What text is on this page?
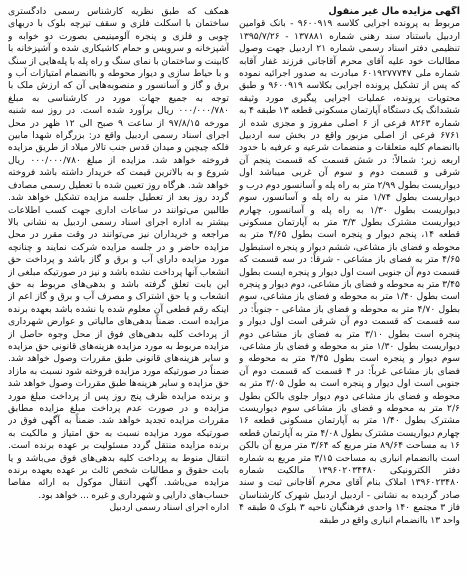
آگهی مزایده مال غیر منقول

مربوط به پرونده اجرایی کلاسه ۹۶۰۰۹۱۹ - بانک قوامین اردبیل باستناد سند رهنی شماره ۱۳۷۸۸۱ - ۱۳۹۵/۷/۲۶ تنظیمی دفتر اسناد رسمی شماره ۲۱ اردبیل جهت وصول مطالبات خود علیه آقای محرم آقاجانی فرزند غفار آقابه شماره ملی ۶۰۱۹۲۷۷۷۴۷ مبادرت به صدور اجرائیه نموده که پس از تشکیل پرونده اجرایی بکلاسه ۹۶۰۰۹۱۹ و طبق محتویات پرونده، عملیات اجرایی پیگیری مورد وثیقه ششدانگ یک دستگاه آپارتمان مسکونی قطعه ۱۳ طبقه ۴ به شماره ۸۲۶۳ فرعی از ۶ اصلی مفروز و مجزی شده از ۶۷۶۱ فرعی از اصلی مزبور واقع در بخش سه اردبیل باانضمام کلیه متعلقات و منضمات شرعیه و عرفیه با حدود اربعه زیر: شمالاً: در شش قسمت که قسمت پنجم آن شرقی و قسمت دوم و سوم آن غربی میباشد اول دیواریست بطول ۲/۹۹ متر به راه پله و آسانسور دوم درب و دیواریست بطول ۱/۷۴ متر به راه پله و آسانسور، سوم دیواریست بطول ۱/۳۰ به راه پله و آسانسور، چهارم دیواریست مشترک بطول ۳/۳ متر به آپارتمان مسکونی قطعه ۱۴، پنجم دیوار و پنجره است بطول ۴/۶۵ متر به محوطه و فضای باز مشاعی، ششم دیوار و پنجره استبطول ۴/۶۵ متر به فضای باز مشاعی - شرقاً: در سه قسمت که قسمت دوم آن جنوبی است اول دیوار و پنجره ایست بطول ۳/۴۵ متر به محوطه و فضای باز مشاعی، دوم دیوار و پنجره است بطول ۱/۴۰ متر به محوطه و فضای باز مشاعی، سوم بطول ۴/۷۰ متر به محوطه و فضای باز مشاعی - جنوباً: در سه قسمت که قسمت دوم آن شرقی است اول دیوار و پنجره است بطول ۳/۱۰ متر به فضای باز مشاعی دوم دیواریست بطول ۱/۳۰ متر به محوطه و فضای باز مشاعی، سوم دیوار و پنجره است بطول ۴/۴۵ متر به محوطه و فضای باز مشاعی غرباً: در ۴ قسمت که قسمت دوم آن جنوبی است اول دیوار و پنجره است به طول ۳/۰۵ متر به محوطه و فضای باز مشاعی دوم دیوار جلوی بالکن بطول ۲/۶ متر به محوطه و فضای باز مشاعی سوم دیواریست مشترک بطول ۱/۴۰ متر به آپارتمان مسکونی قطعه ۱۶ چهارم دیواریست مشترک بطول ۴/۰۸ متر به آپارتمان قطعه ۱۶ به مساحت ۸۹/۶۴ متر مربع که ۳/۶۴ متر مربع آن بالکن است باانضمام انباری به مساحت ۳/۱۵ متر مربع به شماره دفتر الکترونیکی ۱۳۹۶۰۲۰۳۴۴۸۰ مالکیت شماره ۱۳۹۶۰۲۳۴۸۰ املاک بنام آقای محرم آقاجانی ثبت و سند صادر گردیده به نشانی - اردبیل اردبیل شهرک کارشناسان فاز ۳ مجتمع ۱۴۰ واحدی فرهنگیان ناحیه ۳ بلوک ۵ طبقه ۴ واحد ۱۳ باانضمام انباری واقع در طبقه

همکف که طبق نظریه کارشناس رسمی دادگستری ساختمان با اسکلت فلزی و سقف تیرچه بلوک با دربهای چوبی و فلزی و پنجره آلومینیمی بصورت دو خوابه و آشپزخانه و سرویس و حمام کاشیکاری شده و آشپزخانه با کابینت و ساختمان با نمای سنگ و راه پله با پله‌هایی از سنگ و با حیاط سازی و دیوار محوطه و باانضمام امتیازات آب و برق و گاز و آسانسور و منصوبه‌هایی آن که ارزش ملک با توجه به جمیع جهات مورد در کارشناسی به مبلغ ۰۰۰/۰۰۰/۷۸۰ ریال برآورد شده است. در روز سه شنبه مورخه ۹۷/۸/۱۵ از ساعت ۹ صبح الی ۱۲ ظهر در محل اجرای اسناد رسمی اردبیل واقع در: بزرگراه شهدا مابین فلکه چیچین و میدان قدس جنب تالار میلاد از طریق مزایده فروخته خواهد شد. مزایده از مبلغ ۰۰۰/۰۰۰/۷۸۰ ریال شروع و به بالاترین قیمت که خریدار داشته باشد فروخته خواهد شد. هرگاه روز تعیین شده با تعطیل رسمی مصادف گردد روز بعد از تعطیل جلسه مزایده تشکیل خواهد شد. طالبین می‌توانند در ساعات اداری جهت کسب اطلاعات بیشتر به اداره اجرای اسناد رسمی اردبیل به نشانی بالا مراجعه و خریداران نیز می‌توانند در وقت مقرر در محل مزایده حاضر و در جلسه مزایده شرکت نمایند و چنانچه مورد مزایده دارای آب و برق و گاز باشد و پرداخت حق انشعاب آنها پرداخت نشده باشد و نیز در صورتیکه مبلغی از این بابت تعلق گرفته باشد و بدهی‌های مربوط به حق انشعاب و یا حق اشتراک و مصرف آب و برق و گاز اعم از اینکه رقم قطعی آن معلوم شده یا نشده باشد بعهده برنده مزایده است. ضمناً بدهی‌های مالیاتی و عوارض شهرداری از پرداخت کلیه بدهی‌های فوق از محل وجوه حاصل از مزایده مربوط به مورد مزایده هزینه‌های قانونی حق مزایده و سایر هزینه‌های قانونی طبق مقررات وصول خواهد شد. ضمناً در صورتیکه مورد مزایده فروخته شود نسبت به مازاد حق مزایده و سایر هزینه‌ها طبق مقررات وصول خواهد شد و برنده مزایده ظرف پنج روز پس از پرداخت مبلغ مورد مزایده و در صورت عدم پرداخت مبلغ مزایده مطابق مقررات مزایده تجدید خواهد شد. ضمناً به آگهی فوق در صورتیکه مورد مزایده نسبت به حق امتیاز و مالکیت به برنده مزایده منتقل گردد مسئولیت بر عهده برنده است. انتقال منوط به پرداخت کلیه بدهی‌های فوق می‌باشد و یا بابت حقوق و مطالبات شخص ثالث بر عهده بعهده برنده مزایده می‌باشد. آگهی انتقال موکول به ارائه مفاصا حساب‌های دارایی و شهرداری و غیره ... خواهد بود.

اداره اجرای اسناد رسمی اردبیل
